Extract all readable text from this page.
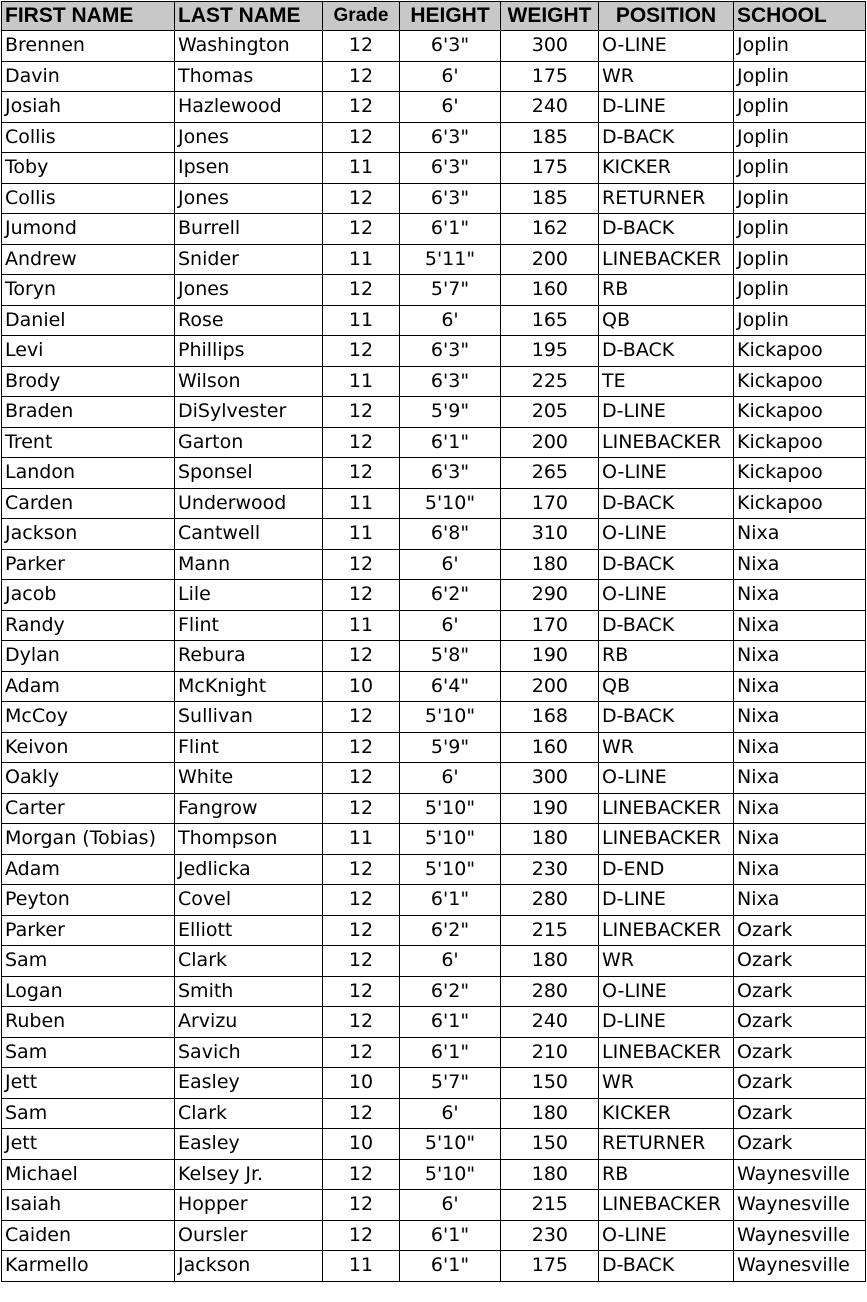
FIRST NAME	LAST NAME	Grade	HEIGHT	WEIGHT	POSITION	SCHOOL
Brennen	Washington	12	6'3"	300	O-LINE	Joplin
Davin	Thomas	12	6'	175	WR	Joplin
Josiah	Hazlewood	12	6'	240	D-LINE	Joplin
Collis	Jones	12	6'3"	185	D-BACK	Joplin
Toby	Ipsen	11	6'3"	175	KICKER	Joplin
Collis	Jones	12	6'3"	185	RETURNER	Joplin
Jumond	Burrell	12	6'1"	162	D-BACK	Joplin
Andrew	Snider	11	5'11"	200	LINEBACKER	Joplin
Toryn	Jones	12	5'7"	160	RB	Joplin
Daniel	Rose	11	6'	165	QB	Joplin
Levi	Phillips	12	6'3"	195	D-BACK	Kickapoo
Brody	Wilson	11	6'3"	225	TE	Kickapoo
Braden	DiSylvester	12	5'9"	205	D-LINE	Kickapoo
Trent	Garton	12	6'1"	200	LINEBACKER	Kickapoo
Landon	Sponsel	12	6'3"	265	O-LINE	Kickapoo
Carden	Underwood	11	5'10"	170	D-BACK	Kickapoo
Jackson	Cantwell	11	6'8"	310	O-LINE	Nixa
Parker	Mann	12	6'	180	D-BACK	Nixa
Jacob	Lile	12	6'2"	290	O-LINE	Nixa
Randy	Flint	11	6'	170	D-BACK	Nixa
Dylan	Rebura	12	5'8"	190	RB	Nixa
Adam	McKnight	10	6'4"	200	QB	Nixa
McCoy	Sullivan	12	5'10"	168	D-BACK	Nixa
Keivon	Flint	12	5'9"	160	WR	Nixa
Oakly	White	12	6'	300	O-LINE	Nixa
Carter	Fangrow	12	5'10"	190	LINEBACKER	Nixa
Morgan (Tobias)	Thompson	11	5'10"	180	LINEBACKER	Nixa
Adam	Jedlicka	12	5'10"	230	D-END	Nixa
Peyton	Covel	12	6'1"	280	D-LINE	Nixa
Parker	Elliott	12	6'2"	215	LINEBACKER	Ozark
Sam	Clark	12	6'	180	WR	Ozark
Logan	Smith	12	6'2"	280	O-LINE	Ozark
Ruben	Arvizu	12	6'1"	240	D-LINE	Ozark
Sam	Savich	12	6'1"	210	LINEBACKER	Ozark
Jett	Easley	10	5'7"	150	WR	Ozark
Sam	Clark	12	6'	180	KICKER	Ozark
Jett	Easley	10	5'10"	150	RETURNER	Ozark
Michael	Kelsey Jr.	12	5'10"	180	RB	Waynesville
Isaiah	Hopper	12	6'	215	LINEBACKER	Waynesville
Caiden	Oursler	12	6'1"	230	O-LINE	Waynesville
Karmello	Jackson	11	6'1"	175	D-BACK	Waynesville
